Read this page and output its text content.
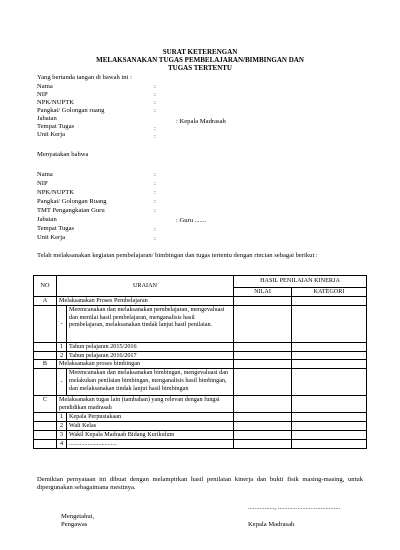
SURAT KETERENGAN
MELAKSANAKAN TUGAS PEMBELAJARAN/BIMBINGAN DAN
TUGAS TERTENTU
Yang bertanda tangan di bawah ini :
Nama	:
NIP	:
NPK/NUPTK	:
Pangkat/ Golongan ruang	:
Jabatan	: Kepala Madrasah
Tempat Tugas	:
Unit Kerja	:
Menyatakan bahwa
Nama	:
NIP	:
NPK/NUPTK	:
Pangkat/ Golongan Ruang	:
TMT Pengangkatan Guru	:
Jabatan	: Guru .......
Tempat Tugas	:
Unit Kerja	:
Telah melaksanakan kegiatan pembelajaran/ bimbingan dan tugas tertentu dengan rincian sebagai berikut :
NO	URAIAN		HASIL PENILAIAN KINERJA	
			NILAI	KATEGORI
A	Melaksanakan Proses Pembelajaran			
	-	Merencanakan dan melaksanakan pembelajaran, mengevaluasi dan menilai hasil pembelajaran, menganalisis hasil pembelajaran, melaksanakan tindak lanjut hasil penilaian.		
	1	Tahun pelajaran 2015/2016		
	2	Tahun pelajaran 2016/2017		
B	Melaksanakan proses bimbingan			
	-	Merencanakan dan melaksanakan bimbingan, mengevaluasi dan melakukan penilaian bimbingan, menganalisis hasil bimbingan, dan melaksanakan tindak lanjut hasil bimbingan		
C	Melaksanakan tugas lain (tambahan) yang relevan dengan fungsi pendidikan madrasah			
	1	Kepala Perpustakaan		
	2	Wali Kelas		
	3	Wakil Kepala Madraah Bidang Kurikulum		
	4	...............................		
Demikian pernyataan ini dibuat dengan melampirkan hasil penilaian kinerja dan bukti fisik masing-masing, untuk dipergunakan sebagaimana mestinya.
................, ......................................
Mengetahui,
Pengawas	Kepala Madrasah
